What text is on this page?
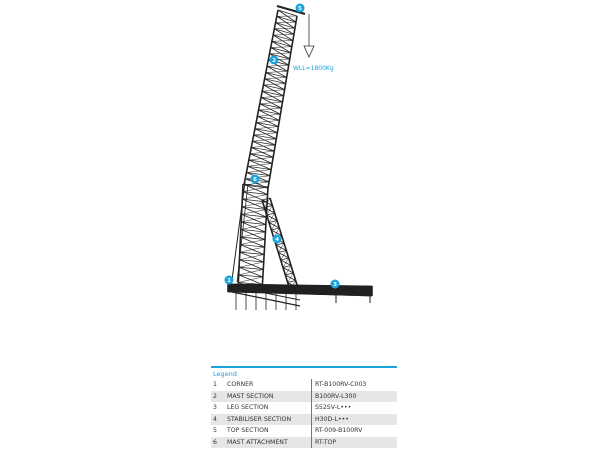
WLL=1800Kg
1
2
3
4
5
6
Legend
1	CORNER	RT-B100RV-C003
2	MAST SECTION	B100RV-L300
3	LEG SECTION	S52SV-L•••
4	STABILISER SECTION	H30D-L•••
5	TOP SECTION	RT-009-B100RV
6	MAST ATTACHMENT	RT-TOP
